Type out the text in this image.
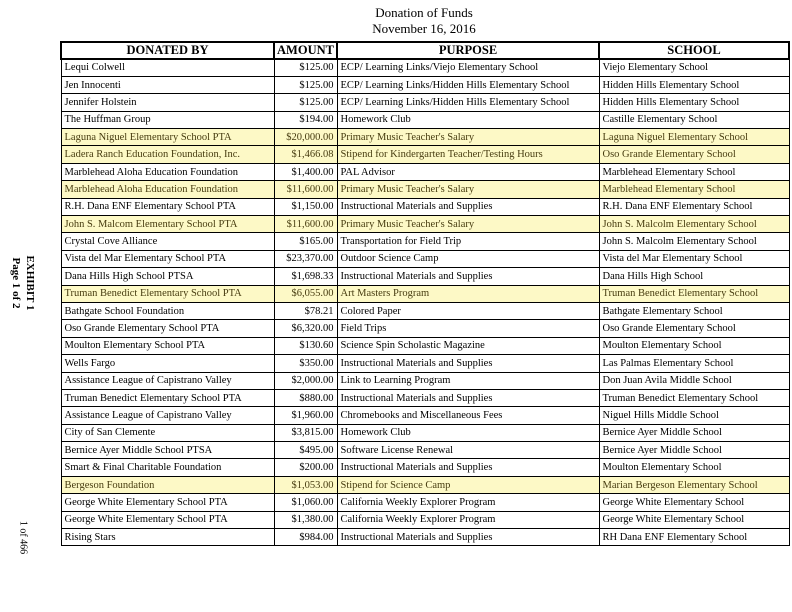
Donation of Funds
November 16, 2016
DONATED BY	AMOUNT	PURPOSE	SCHOOL
Lequi Colwell	$125.00	ECP/ Learning Links/Viejo Elementary School	Viejo Elementary School
Jen Innocenti	$125.00	ECP/ Learning Links/Hidden Hills Elementary School	Hidden Hills Elementary School
Jennifer Holstein	$125.00	ECP/ Learning Links/Hidden Hills Elementary School	Hidden Hills Elementary School
The Huffman Group	$194.00	Homework Club	Castille Elementary School
Laguna Niguel Elementary School PTA	$20,000.00	Primary Music Teacher's Salary	Laguna Niguel Elementary School
Ladera Ranch Education Foundation, Inc.	$1,466.08	Stipend for Kindergarten Teacher/Testing Hours	Oso Grande Elementary School
Marblehead Aloha Education Foundation	$1,400.00	PAL Advisor	Marblehead Elementary School
Marblehead Aloha Education Foundation	$11,600.00	Primary Music Teacher's Salary	Marblehead Elementary School
R.H. Dana ENF Elementary School PTA	$1,150.00	Instructional Materials and Supplies	R.H. Dana ENF Elementary School
John S. Malcom Elementary School PTA	$11,600.00	Primary Music Teacher's Salary	John S. Malcolm Elementary School
Crystal Cove Alliance	$165.00	Transportation for Field Trip	John S. Malcolm Elementary School
Vista del Mar Elementary School PTA	$23,370.00	Outdoor Science Camp	Vista del Mar Elementary School
Dana Hills High School PTSA	$1,698.33	Instructional Materials and Supplies	Dana Hills High School
Truman Benedict Elementary School PTA	$6,055.00	Art Masters Program	Truman Benedict Elementary School
Bathgate School Foundation	$78.21	Colored Paper	Bathgate Elementary School
Oso Grande Elementary School PTA	$6,320.00	Field Trips	Oso Grande Elementary School
Moulton Elementary School PTA	$130.60	Science Spin Scholastic Magazine	Moulton Elementary School
Wells Fargo	$350.00	Instructional Materials and Supplies	Las Palmas Elementary School
Assistance League of Capistrano Valley	$2,000.00	Link to Learning Program	Don Juan Avila Middle School
Truman Benedict Elementary School PTA	$880.00	Instructional Materials and Supplies	Truman Benedict Elementary School
Assistance League of Capistrano Valley	$1,960.00	Chromebooks and Miscellaneous Fees	Niguel Hills Middle School
City of San Clemente	$3,815.00	Homework Club	Bernice Ayer Middle School
Bernice Ayer Middle School PTSA	$495.00	Software License Renewal	Bernice Ayer Middle School
Smart & Final Charitable Foundation	$200.00	Instructional Materials and Supplies	Moulton Elementary School
Bergeson Foundation	$1,053.00	Stipend for Science Camp	Marian Bergeson Elementary School
George White Elementary School PTA	$1,060.00	California Weekly Explorer Program	George White Elementary School
George White Elementary School PTA	$1,380.00	California Weekly Explorer Program	George White Elementary School
Rising Stars	$984.00	Instructional Materials and Supplies	RH Dana ENF Elementary School
EXHIBIT 1
Page 1 of 2
1 of 466
